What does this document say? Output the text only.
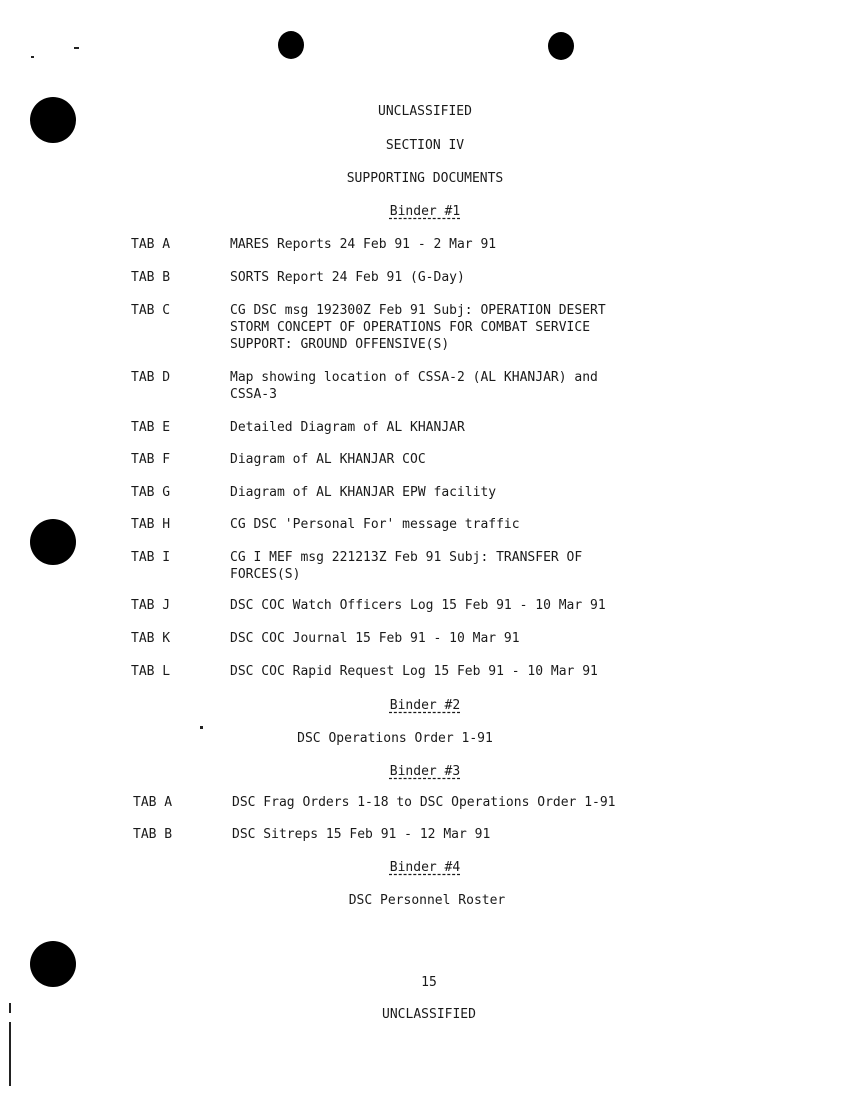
UNCLASSIFIED
SECTION IV
SUPPORTING DOCUMENTS
Binder #1
TAB A	MARES Reports 24 Feb 91 - 2 Mar 91
TAB B	SORTS Report 24 Feb 91 (G-Day)
TAB C	CG DSC msg 192300Z Feb 91 Subj: OPERATION DESERT
STORM CONCEPT OF OPERATIONS FOR COMBAT SERVICE
SUPPORT: GROUND OFFENSIVE(S)
TAB D	Map showing location of CSSA-2 (AL KHANJAR) and
CSSA-3
TAB E	Detailed Diagram of AL KHANJAR
TAB F	Diagram of AL KHANJAR COC
TAB G	Diagram of AL KHANJAR EPW facility
TAB H	CG DSC 'Personal For' message traffic
TAB I	CG I MEF msg 221213Z Feb 91 Subj: TRANSFER OF
FORCES(S)
TAB J	DSC COC Watch Officers Log 15 Feb 91 - 10 Mar 91
TAB K	DSC COC Journal 15 Feb 91 - 10 Mar 91
TAB L	DSC COC Rapid Request Log 15 Feb 91 - 10 Mar 91
Binder #2
DSC Operations Order 1-91
Binder #3
TAB A	DSC Frag Orders 1-18 to DSC Operations Order 1-91
TAB B	DSC Sitreps 15 Feb 91 - 12 Mar 91
Binder #4
DSC Personnel Roster
15
UNCLASSIFIED
